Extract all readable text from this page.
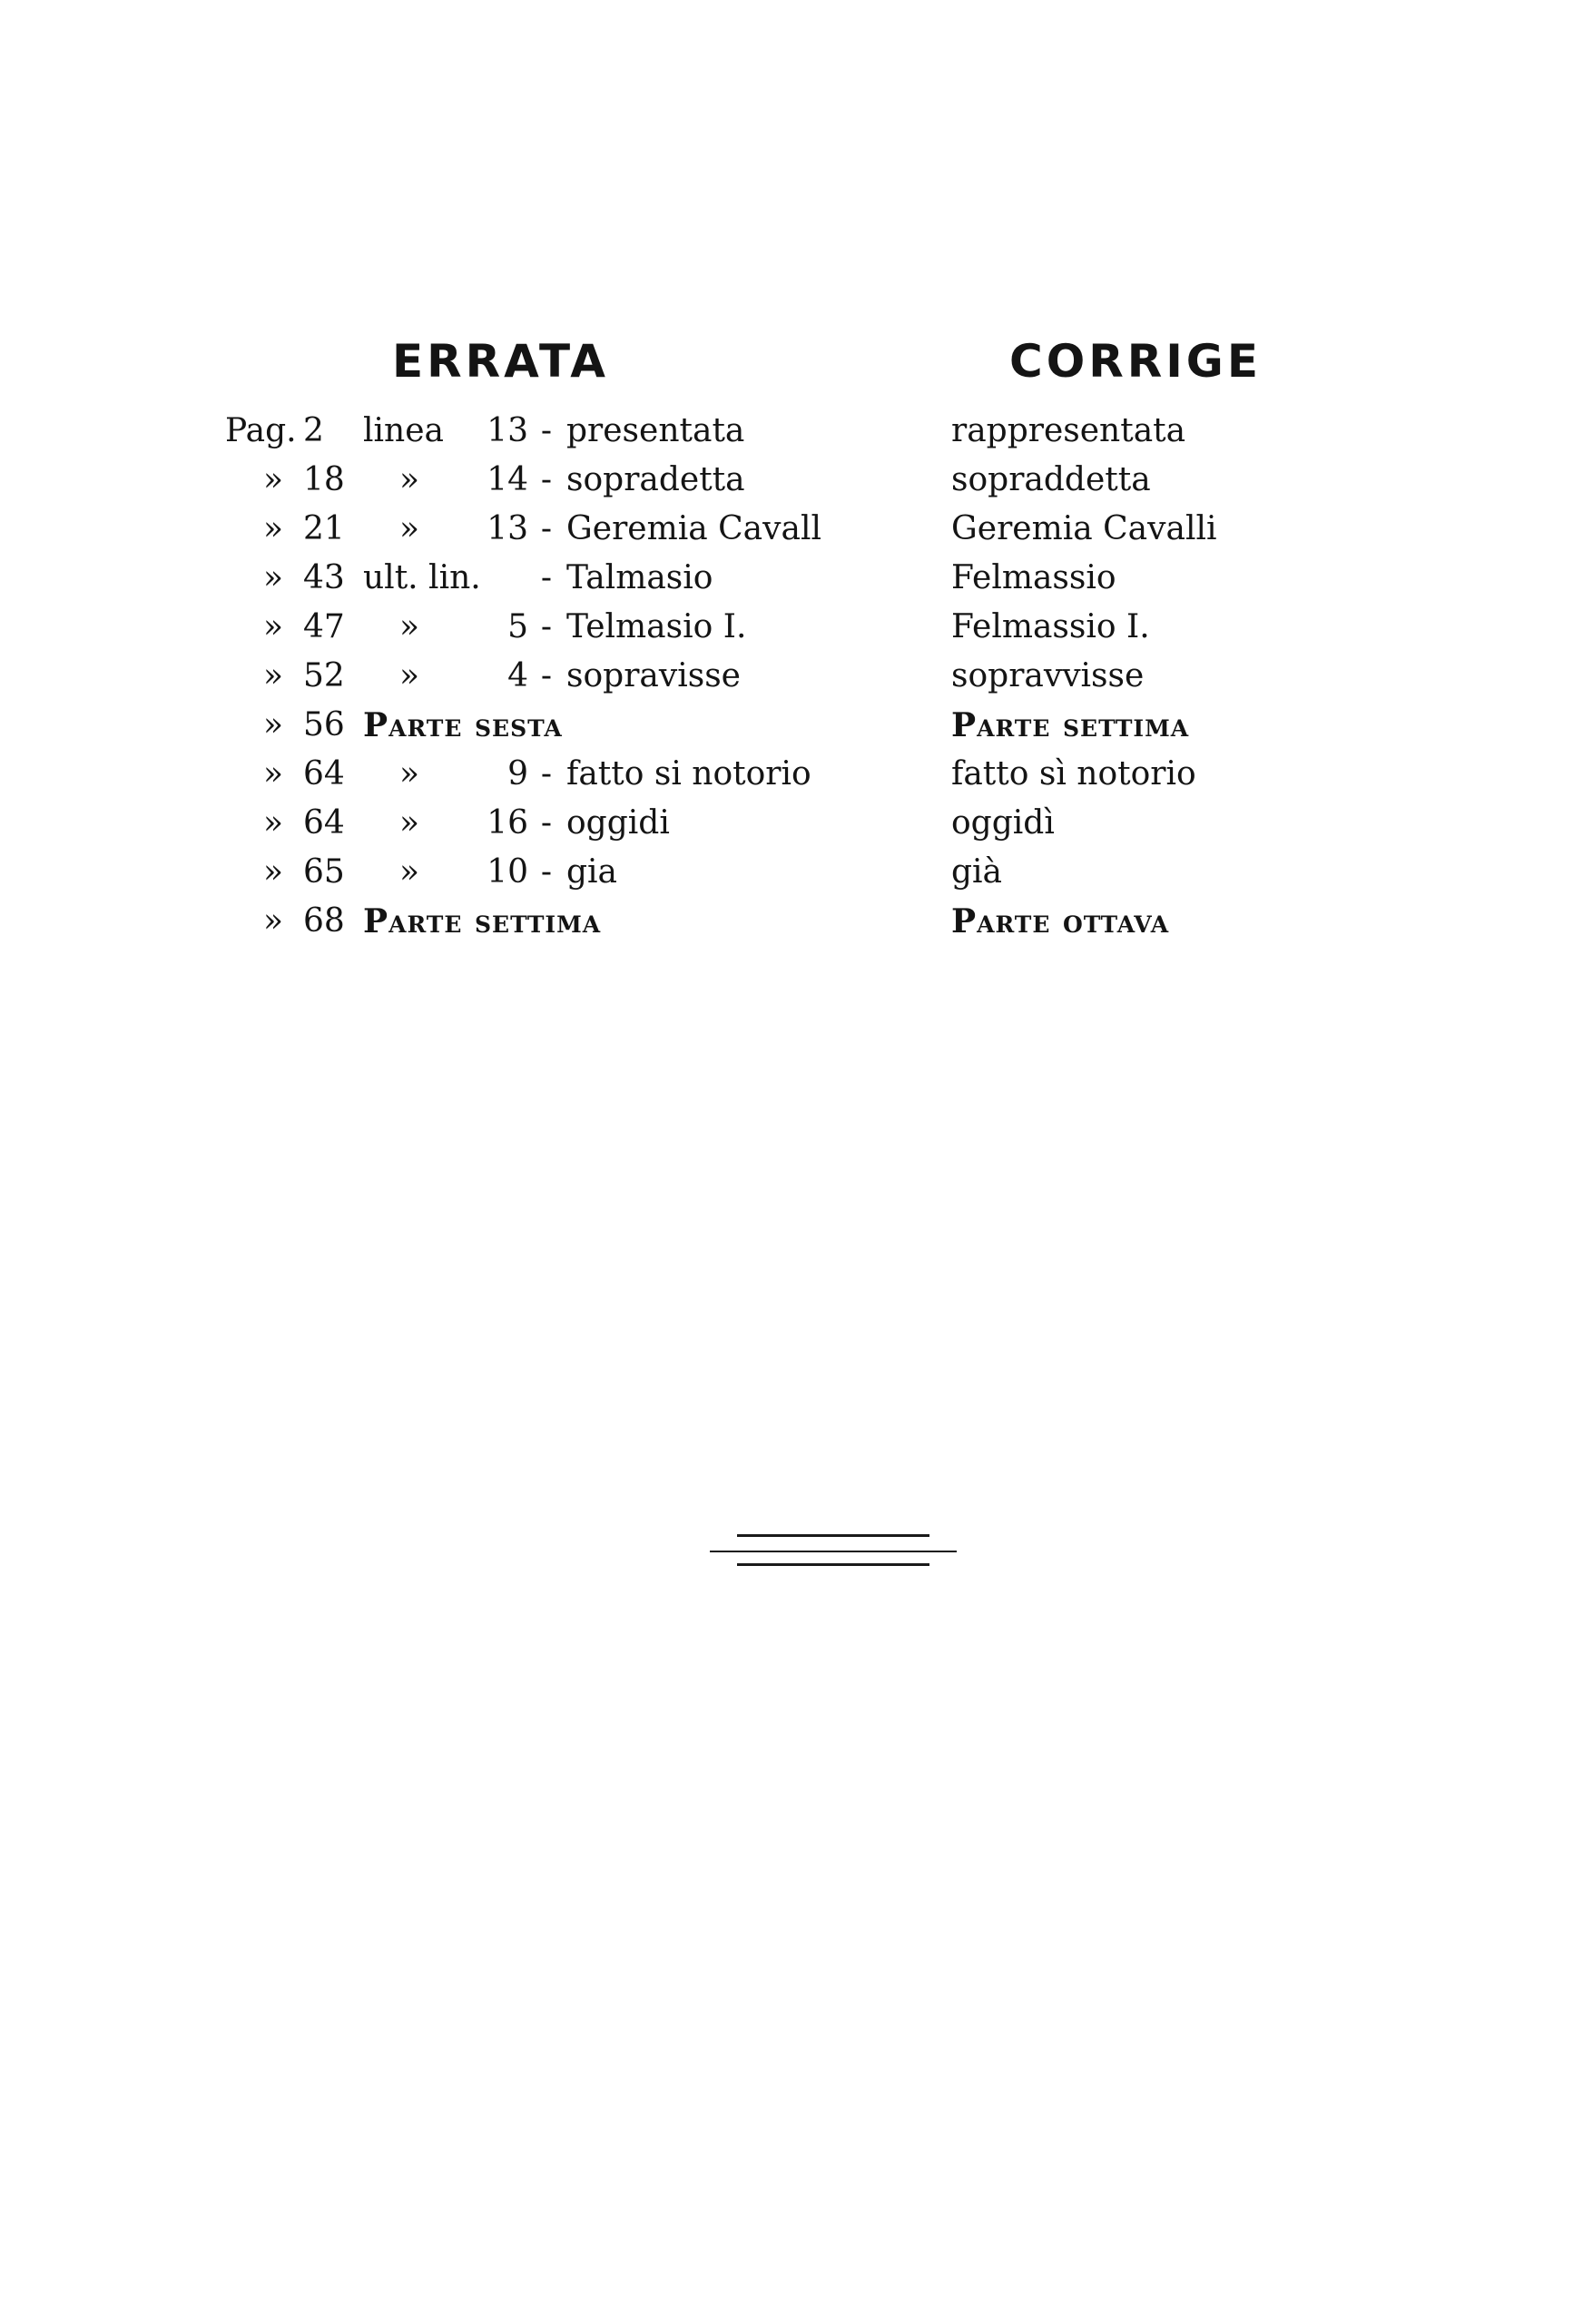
ERRATA	CORRIGE
Pag. 2 linea	13 - presentata	rappresentata
» 18 »	14 - sopradetta	sopraddetta
» 21 »	13 - Geremia Cavall	Geremia Cavalli
» 43 ult. lin.	- Talmasio	Felmassio
» 47 »	5 - Telmasio I.	Felmassio I.
» 52 »	4 - sopravisse	sopravvisse
» 56 Parte sesta	Parte settima
» 64 »	9 - fatto si notorio	fatto sì notorio
» 64 »	16 - oggidi	oggidì
» 65 »	10 - gia	già
» 68 Parte settima	Parte ottava
